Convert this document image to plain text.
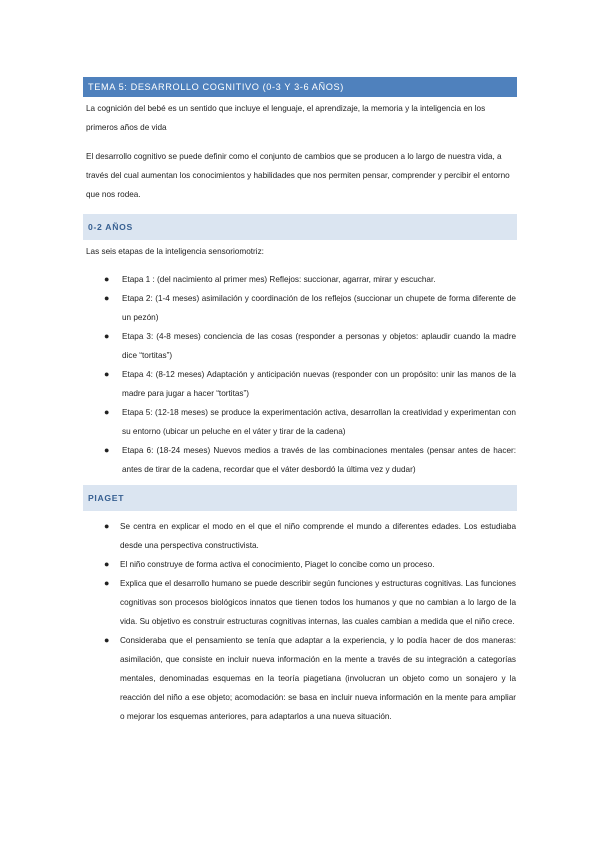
TEMA 5: DESARROLLO COGNITIVO (0-3 Y 3-6 AÑOS)

La cognición del bebé es un sentido que incluye el lenguaje, el aprendizaje, la memoria y la inteligencia en los primeros años de vida

El desarrollo cognitivo se puede definir como el conjunto de cambios que se producen a lo largo de nuestra vida, a través del cual aumentan los conocimientos y habilidades que nos permiten pensar, comprender y percibir el entorno que nos rodea.

0-2 AÑOS

Las seis etapas de la inteligencia sensoriomotriz:

● Etapa 1 : (del nacimiento al primer mes) Reflejos: succionar, agarrar, mirar y escuchar.
● Etapa 2: (1-4 meses) asimilación y coordinación de los reflejos (succionar un chupete de forma diferente de un pezón)
● Etapa 3: (4-8 meses) conciencia de las cosas (responder a personas y objetos: aplaudir cuando la madre dice “tortitas”)
● Etapa 4: (8-12 meses) Adaptación y anticipación nuevas (responder con un propósito: unir las manos de la madre para jugar a hacer “tortitas”)
● Etapa 5: (12-18 meses) se produce la experimentación activa, desarrollan la creatividad y experimentan con su entorno (ubicar un peluche en el váter y tirar de la cadena)
● Etapa 6: (18-24 meses) Nuevos medios a través de las combinaciones mentales (pensar antes de hacer: antes de tirar de la cadena, recordar que el váter desbordó la última vez y dudar)
PIAGET
● Se centra en explicar el modo en el que el niño comprende el mundo a diferentes edades. Los estudiaba desde una perspectiva constructivista.
● El niño construye de forma activa el conocimiento, Piaget lo concibe como un proceso.
● Explica que el desarrollo humano se puede describir según funciones y estructuras cognitivas. Las funciones cognitivas son procesos biológicos innatos que tienen todos los humanos y que no cambian a lo largo de la vida. Su objetivo es construir estructuras cognitivas internas, las cuales cambian a medida que el niño crece.
● Consideraba que el pensamiento se tenía que adaptar a la experiencia, y lo podía hacer de dos maneras: asimilación, que consiste en incluir nueva información en la mente a través de su integración a categorías mentales, denominadas esquemas en la teoría piagetiana (involucran un objeto como un sonajero y la reacción del niño a ese objeto; acomodación: se basa en incluir nueva información en la mente para ampliar o mejorar los esquemas anteriores, para adaptarlos a una nueva situación.
